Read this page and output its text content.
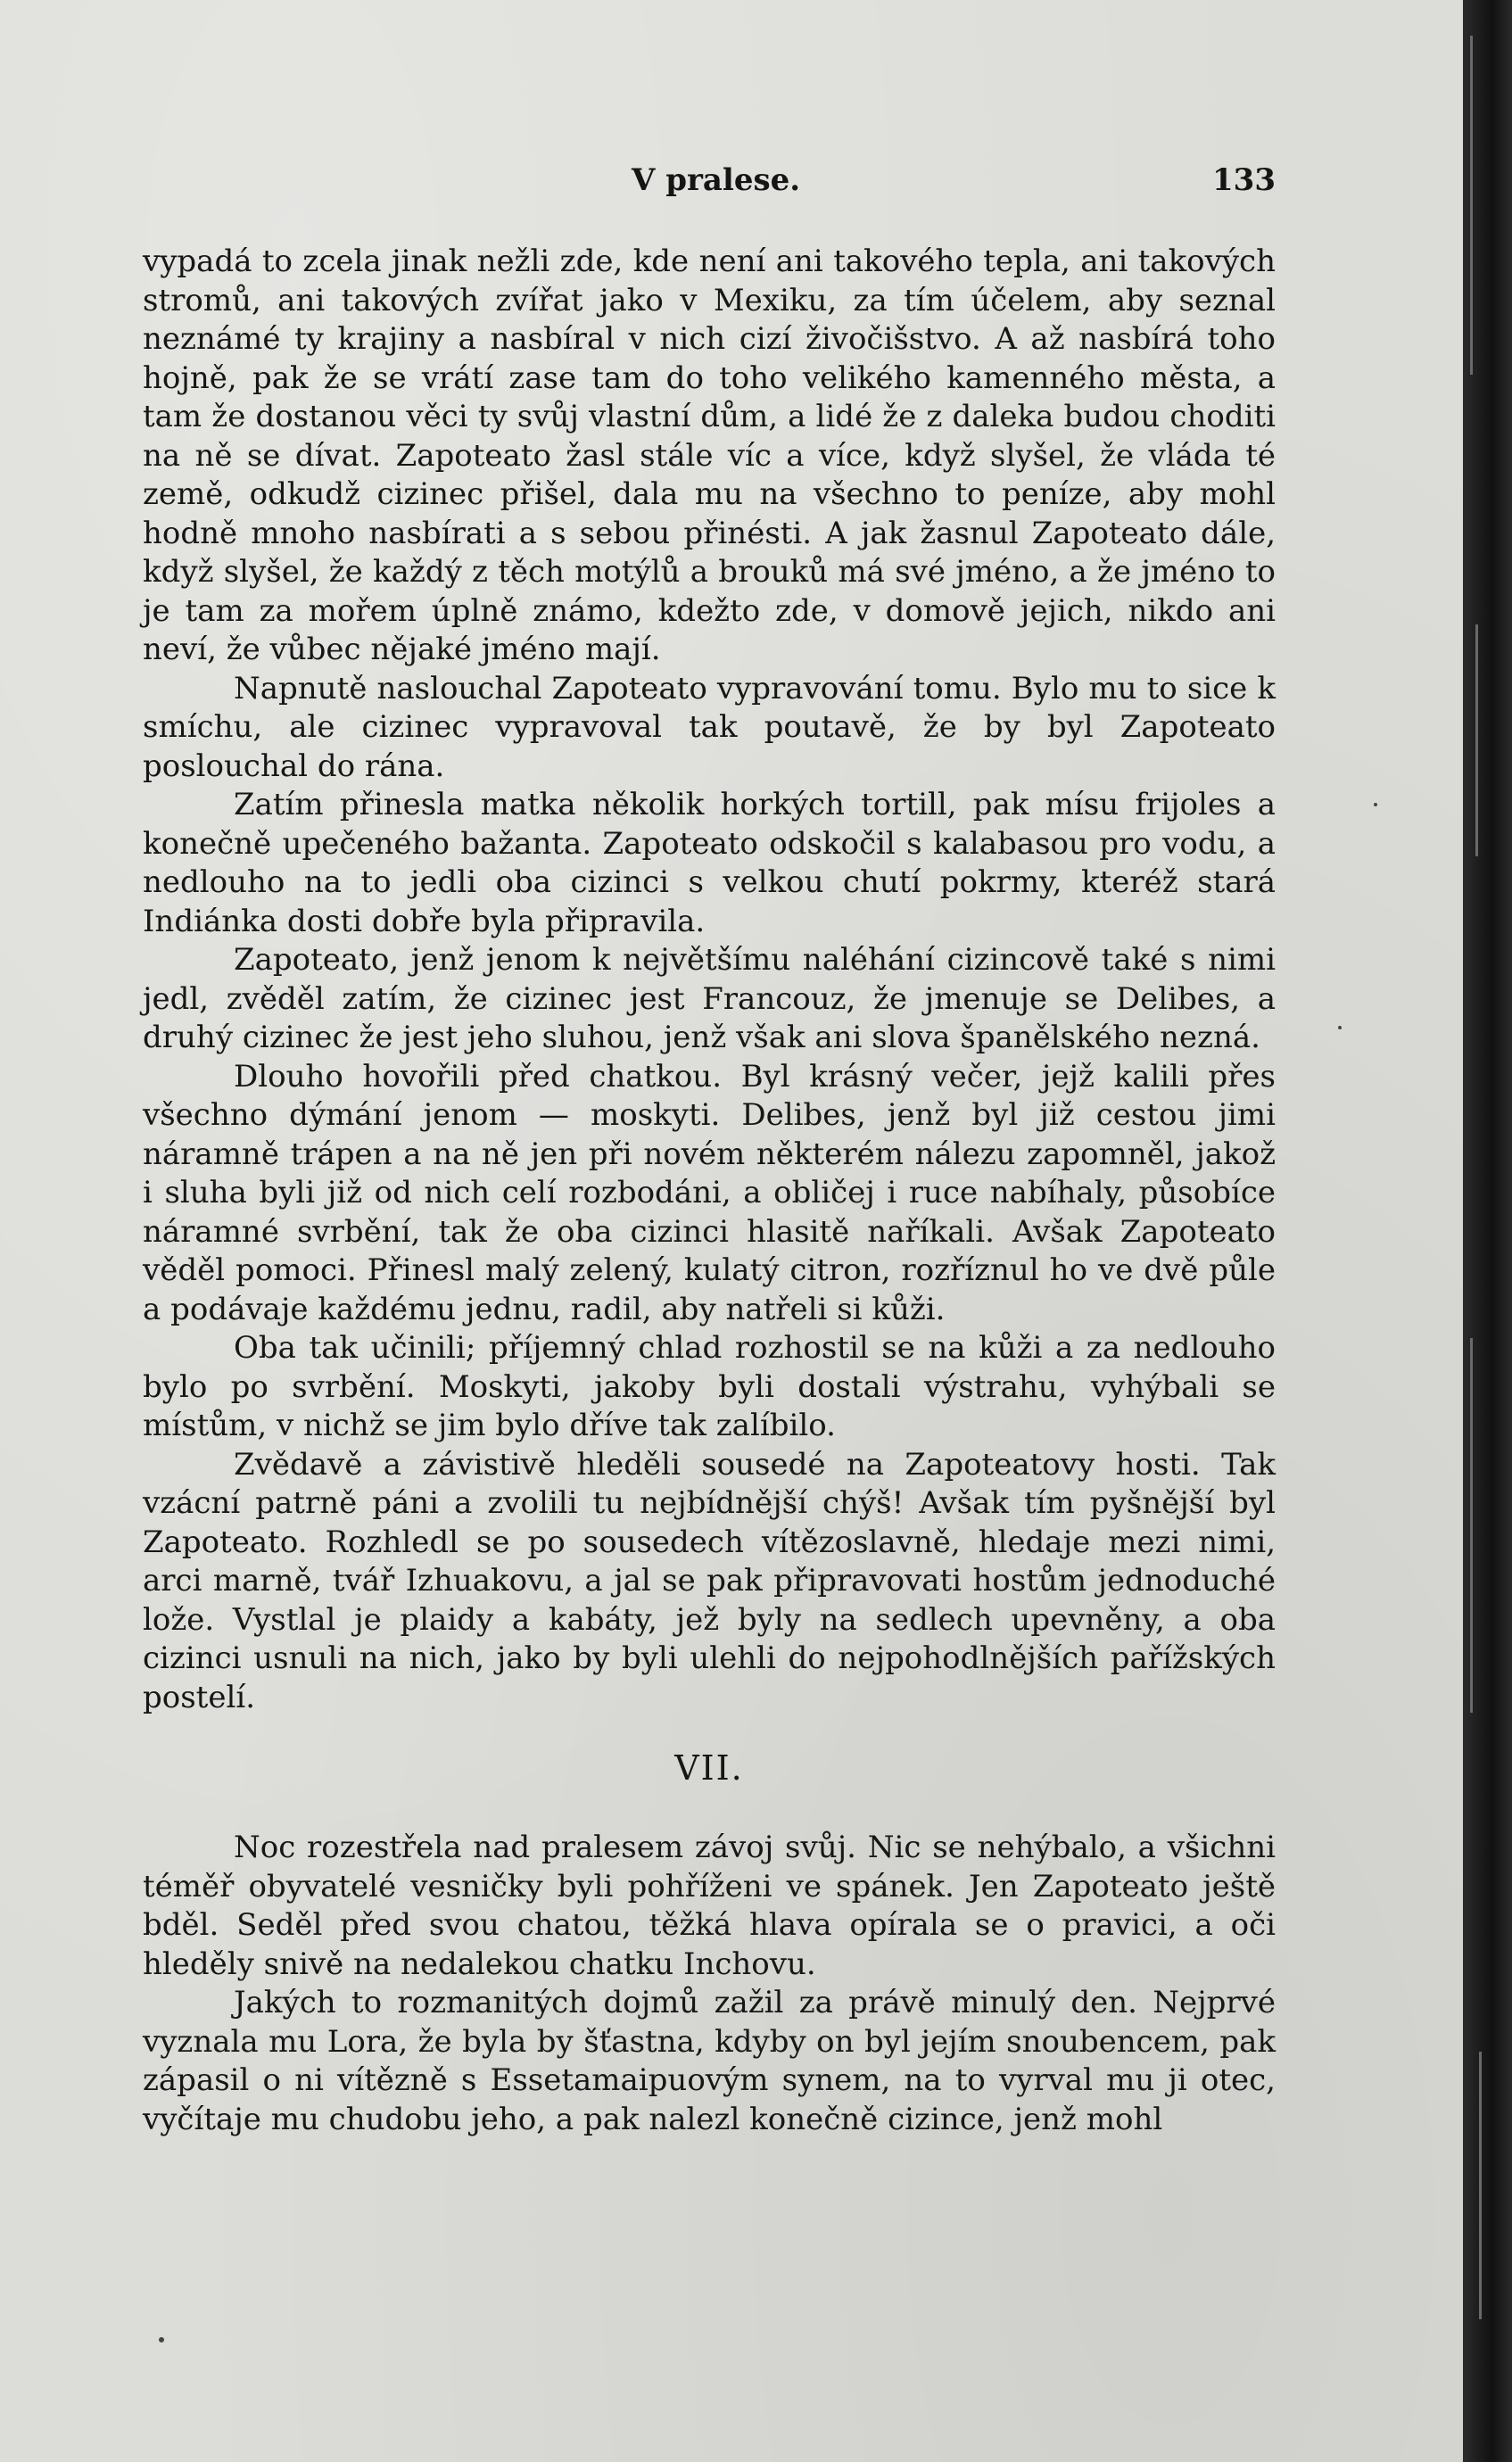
V pralese.	133

vypadá to zcela jinak nežli zde, kde není ani takového tepla, ani takových stromů, ani takových zvířat jako v Mexiku, za tím účelem, aby seznal neznámé ty krajiny a nasbíral v nich cizí živočišstvo. A až nasbírá toho hojně, pak že se vrátí zase tam do toho velikého kamenného města, a tam že dostanou věci ty svůj vlastní dům, a lidé že z daleka budou choditi na ně se dívat. Zapoteato žasl stále víc a více, když slyšel, že vláda té země, odkudž cizinec přišel, dala mu na všechno to peníze, aby mohl hodně mnoho nasbírati a s sebou přinésti. A jak žasnul Zapoteato dále, když slyšel, že každý z těch motýlů a brouků má své jméno, a že jméno to je tam za mořem úplně známo, kdežto zde, v domově jejich, nikdo ani neví, že vůbec nějaké jméno mají.

Napnutě naslouchal Zapoteato vypravování tomu. Bylo mu to sice k smíchu, ale cizinec vypravoval tak poutavě, že by byl Zapoteato poslouchal do rána.

Zatím přinesla matka několik horkých tortill, pak mísu frijoles a konečně upečeného bažanta. Zapoteato odskočil s kalabasou pro vodu, a nedlouho na to jedli oba cizinci s velkou chutí pokrmy, kteréž stará Indiánka dosti dobře byla připravila.

Zapoteato, jenž jenom k největšímu naléhání cizincově také s nimi jedl, zvěděl zatím, že cizinec jest Francouz, že jmenuje se Delibes, a druhý cizinec že jest jeho sluhou, jenž však ani slova španělského nezná.

Dlouho hovořili před chatkou. Byl krásný večer, jejž kalili přes všechno dýmání jenom — moskyti. Delibes, jenž byl již cestou jimi náramně trápen a na ně jen při novém některém nálezu zapomněl, jakož i sluha byli již od nich celí rozbodáni, a obličej i ruce nabíhaly, působíce náramné svrbění, tak že oba cizinci hlasitě naříkali. Avšak Zapoteato věděl pomoci. Přinesl malý zelený, kulatý citron, rozříznul ho ve dvě půle a podávaje každému jednu, radil, aby natřeli si kůži.

Oba tak učinili; příjemný chlad rozhostil se na kůži a za nedlouho bylo po svrbění. Moskyti, jakoby byli dostali výstrahu, vyhýbali se místům, v nichž se jim bylo dříve tak zalíbilo.

Zvědavě a závistivě hleděli sousedé na Zapoteatovy hosti. Tak vzácní patrně páni a zvolili tu nejbídnější chýš! Avšak tím pyšnější byl Zapoteato. Rozhledl se po sousedech vítězoslavně, hledaje mezi nimi, arci marně, tvář Izhuakovu, a jal se pak připravovati hostům jednoduché lože. Vystlal je plaidy a kabáty, jež byly na sedlech upevněny, a oba cizinci usnuli na nich, jako by byli ulehli do nejpohodlnějších pařížských postelí.

VII.

Noc rozestřela nad pralesem závoj svůj. Nic se nehýbalo, a všichni téměř obyvatelé vesničky byli pohříženi ve spánek. Jen Zapoteato ještě bděl. Seděl před svou chatou, těžká hlava opírala se o pravici, a oči hleděly snivě na nedalekou chatku Inchovu.

Jakých to rozmanitých dojmů zažil za právě minulý den. Nejprvé vyznala mu Lora, že byla by šťastna, kdyby on byl jejím snoubencem, pak zápasil o ni vítězně s Essetamaipuovým synem, na to vyrval mu ji otec, vyčítaje mu chudobu jeho, a pak nalezl konečně cizince, jenž mohl
